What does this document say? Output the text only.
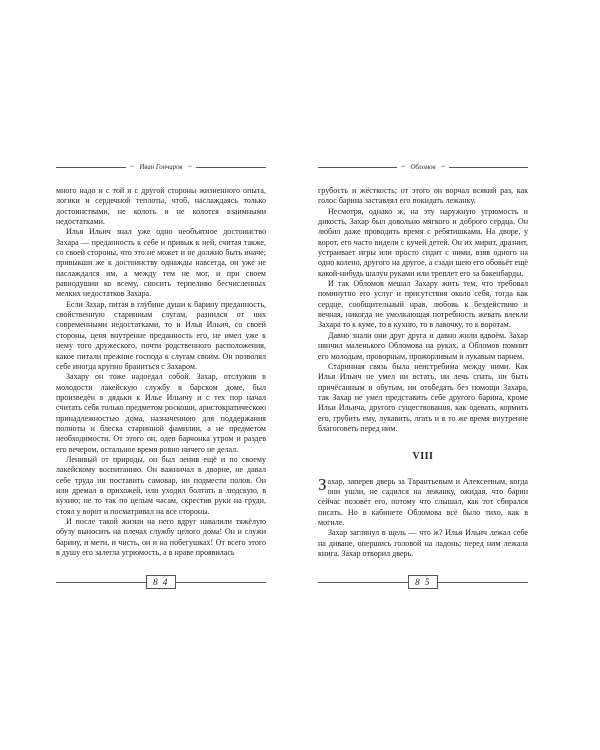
∽ Иван Гончаров ∽	∽ Обломов ∽

много надо и с той и с другой стороны жизненного опыта, логики и сердечной теплоты, чтоб, наслаждаясь только достоинствами, не колоть и не колотся взаимными недостатками.

Илья Ильич знал уже одно необъятное достоинство Захара — преданность к себе и привык к ней, считая также, со своей стороны, что это не может и не должно быть иначе; привыкши же к достоинству однажды навсегда, он уже не наслаждался им, а между тем не мог, и при своем равнодушии ко всему, сносить терпеливо бесчисленных мелких недостатков Захара.

Если Захар, питая в глубине души к барину преданность, свойственную старинным слугам, разнился от них современными недостатками, то и Илья Ильич, со своей стороны, ценя внутренне преданность его, не имел уже к нему того дружеского, почти родственного расположения, какое питали прежние господа к слугам своим. Он позволял себе иногда крупно браниться с Захаром.

Захару он тоже надоедал собой. Захар, отслужив в молодости лакейскую службу в барском доме, был произведён в дядьки к Илье Ильичу и с тех пор начал считать себя только предметом роскоши, аристократическою принадлежностью дома, назначенною для поддержания полноты и блеска старинной фамилии, а не предметом необходимости. От этого он, одев барчонка утром и раздев его вечером, остальное время ровно ничего не делал.

Ленивый от природы, он был ленив ещё и по своему лакейскому воспитанию. Он важничал в дворне, не давал себе труда ни поставить самовар, ни подмести полов. Он или дремал в прихожей, или уходил болтать в людскую, в кухню; не то так по целым часам, скрестив руки на груди, стоял у ворот и посматривал на все стороны.

И после такой жизни на него вдруг навалили тяжёлую обузу выносить на плечах службу целого дома! Он и служи барину, и мети, и чисть, он и на побегушках! От всего этого в душу его залегла угрюмость, а в нраве проявилась

грубость и жёсткость; от этого он ворчал всякий раз, как голос барина заставлял его покидать лежанку.

Несмотря, однако ж, на эту наружную угрюмость и дикость, Захар был довольно мягкого и доброго сердца. Он любил даже проводить время с ребятишками. На дворе, у ворот, его часто видели с кучей детей. Он их мирит, дразнит, устраивает игры или просто сидит с ними, взяв одного на одно колено, другого на другое, а сзади шею его обовьёт ещё какой-нибудь шалун руками или треплет его за бакенбарды.

И так Обломов мешал Захару жить тем, что требовал поминутно его услуг и присутствия около себя, тогда как сердце, сообщительный нрав, любовь к бездействию и вечная, никогда не умолкающая потребность жевать влекли Захара то к куме, то в кухню, то в лавочку, то к воротам.

Давно знали они друг друга и давно жили вдвоём. Захар нянчил маленького Обломова на руках, а Обломов помнит его молодым, проворным, прожорливым и лукавым парнем.

Старинная связь была неистребима между ними. Как Илья Ильич не умел ни встать, ни лечь спать, ни быть причёсанным и обутым, ни отобедать без помощи Захара, так Захар не умел представить себе другого барина, кроме Ильи Ильича, другого существования, как одевать, кормить его, грубить ему, лукавить, лгать и в то же время внутренне благоговеть перед ним.

VIII

Захар, заперев дверь за Тарантьевым и Алексеевым, когда они ушли, не садился на лежанку, ожидая, что барин сейчас позовёт его, потому что слышал, как тот сбирался писать. Но в кабинете Обломова всё было тихо, как в могиле.

Захар заглянул в щель — что ж? Илья Ильич лежал себе на диване, опершись головой на ладонь; перед ним лежала книга. Захар отворил дверь.

8 4	8 5
